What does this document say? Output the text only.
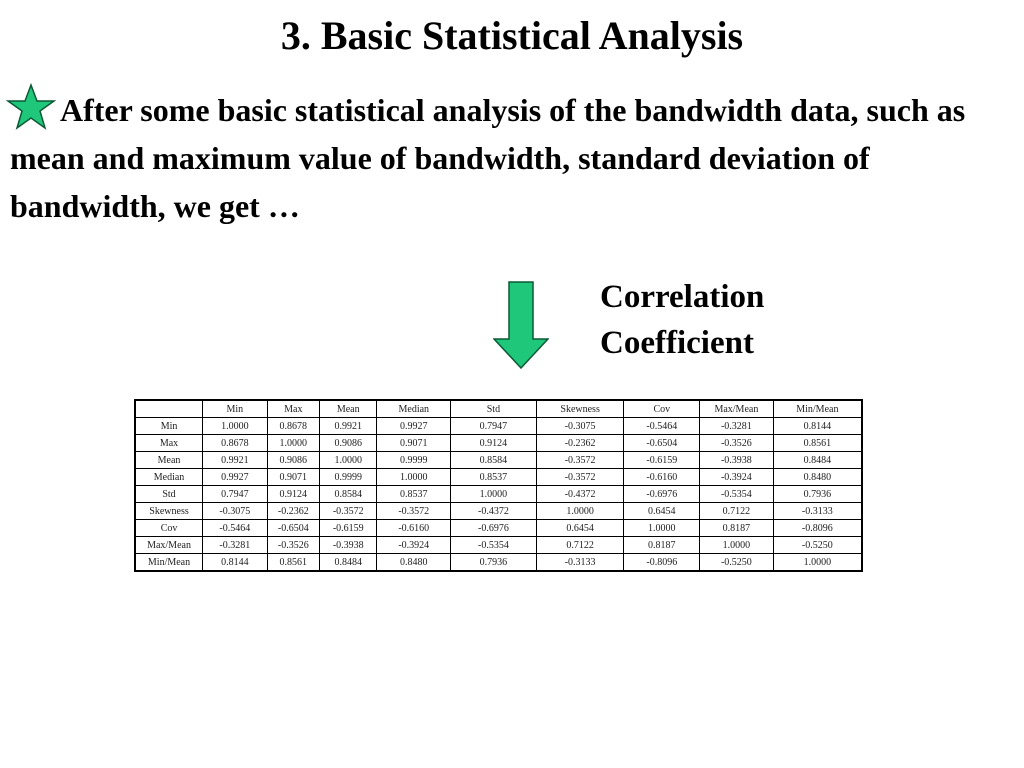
3. Basic Statistical Analysis

After some basic statistical analysis of the bandwidth data, such as mean and maximum value of bandwidth, standard deviation of bandwidth, we get …

Correlation
Coefficient
	Min	Max	Mean	Median	Std	Skewness	Cov	Max/Mean	Min/Mean
Min	1.0000	0.8678	0.9921	0.9927	0.7947	-0.3075	-0.5464	-0.3281	0.8144
Max	0.8678	1.0000	0.9086	0.9071	0.9124	-0.2362	-0.6504	-0.3526	0.8561
Mean	0.9921	0.9086	1.0000	0.9999	0.8584	-0.3572	-0.6159	-0.3938	0.8484
Median	0.9927	0.9071	0.9999	1.0000	0.8537	-0.3572	-0.6160	-0.3924	0.8480
Std	0.7947	0.9124	0.8584	0.8537	1.0000	-0.4372	-0.6976	-0.5354	0.7936
Skewness	-0.3075	-0.2362	-0.3572	-0.3572	-0.4372	1.0000	0.6454	0.7122	-0.3133
Cov	-0.5464	-0.6504	-0.6159	-0.6160	-0.6976	0.6454	1.0000	0.8187	-0.8096
Max/Mean	-0.3281	-0.3526	-0.3938	-0.3924	-0.5354	0.7122	0.8187	1.0000	-0.5250
Min/Mean	0.8144	0.8561	0.8484	0.8480	0.7936	-0.3133	-0.8096	-0.5250	1.0000
